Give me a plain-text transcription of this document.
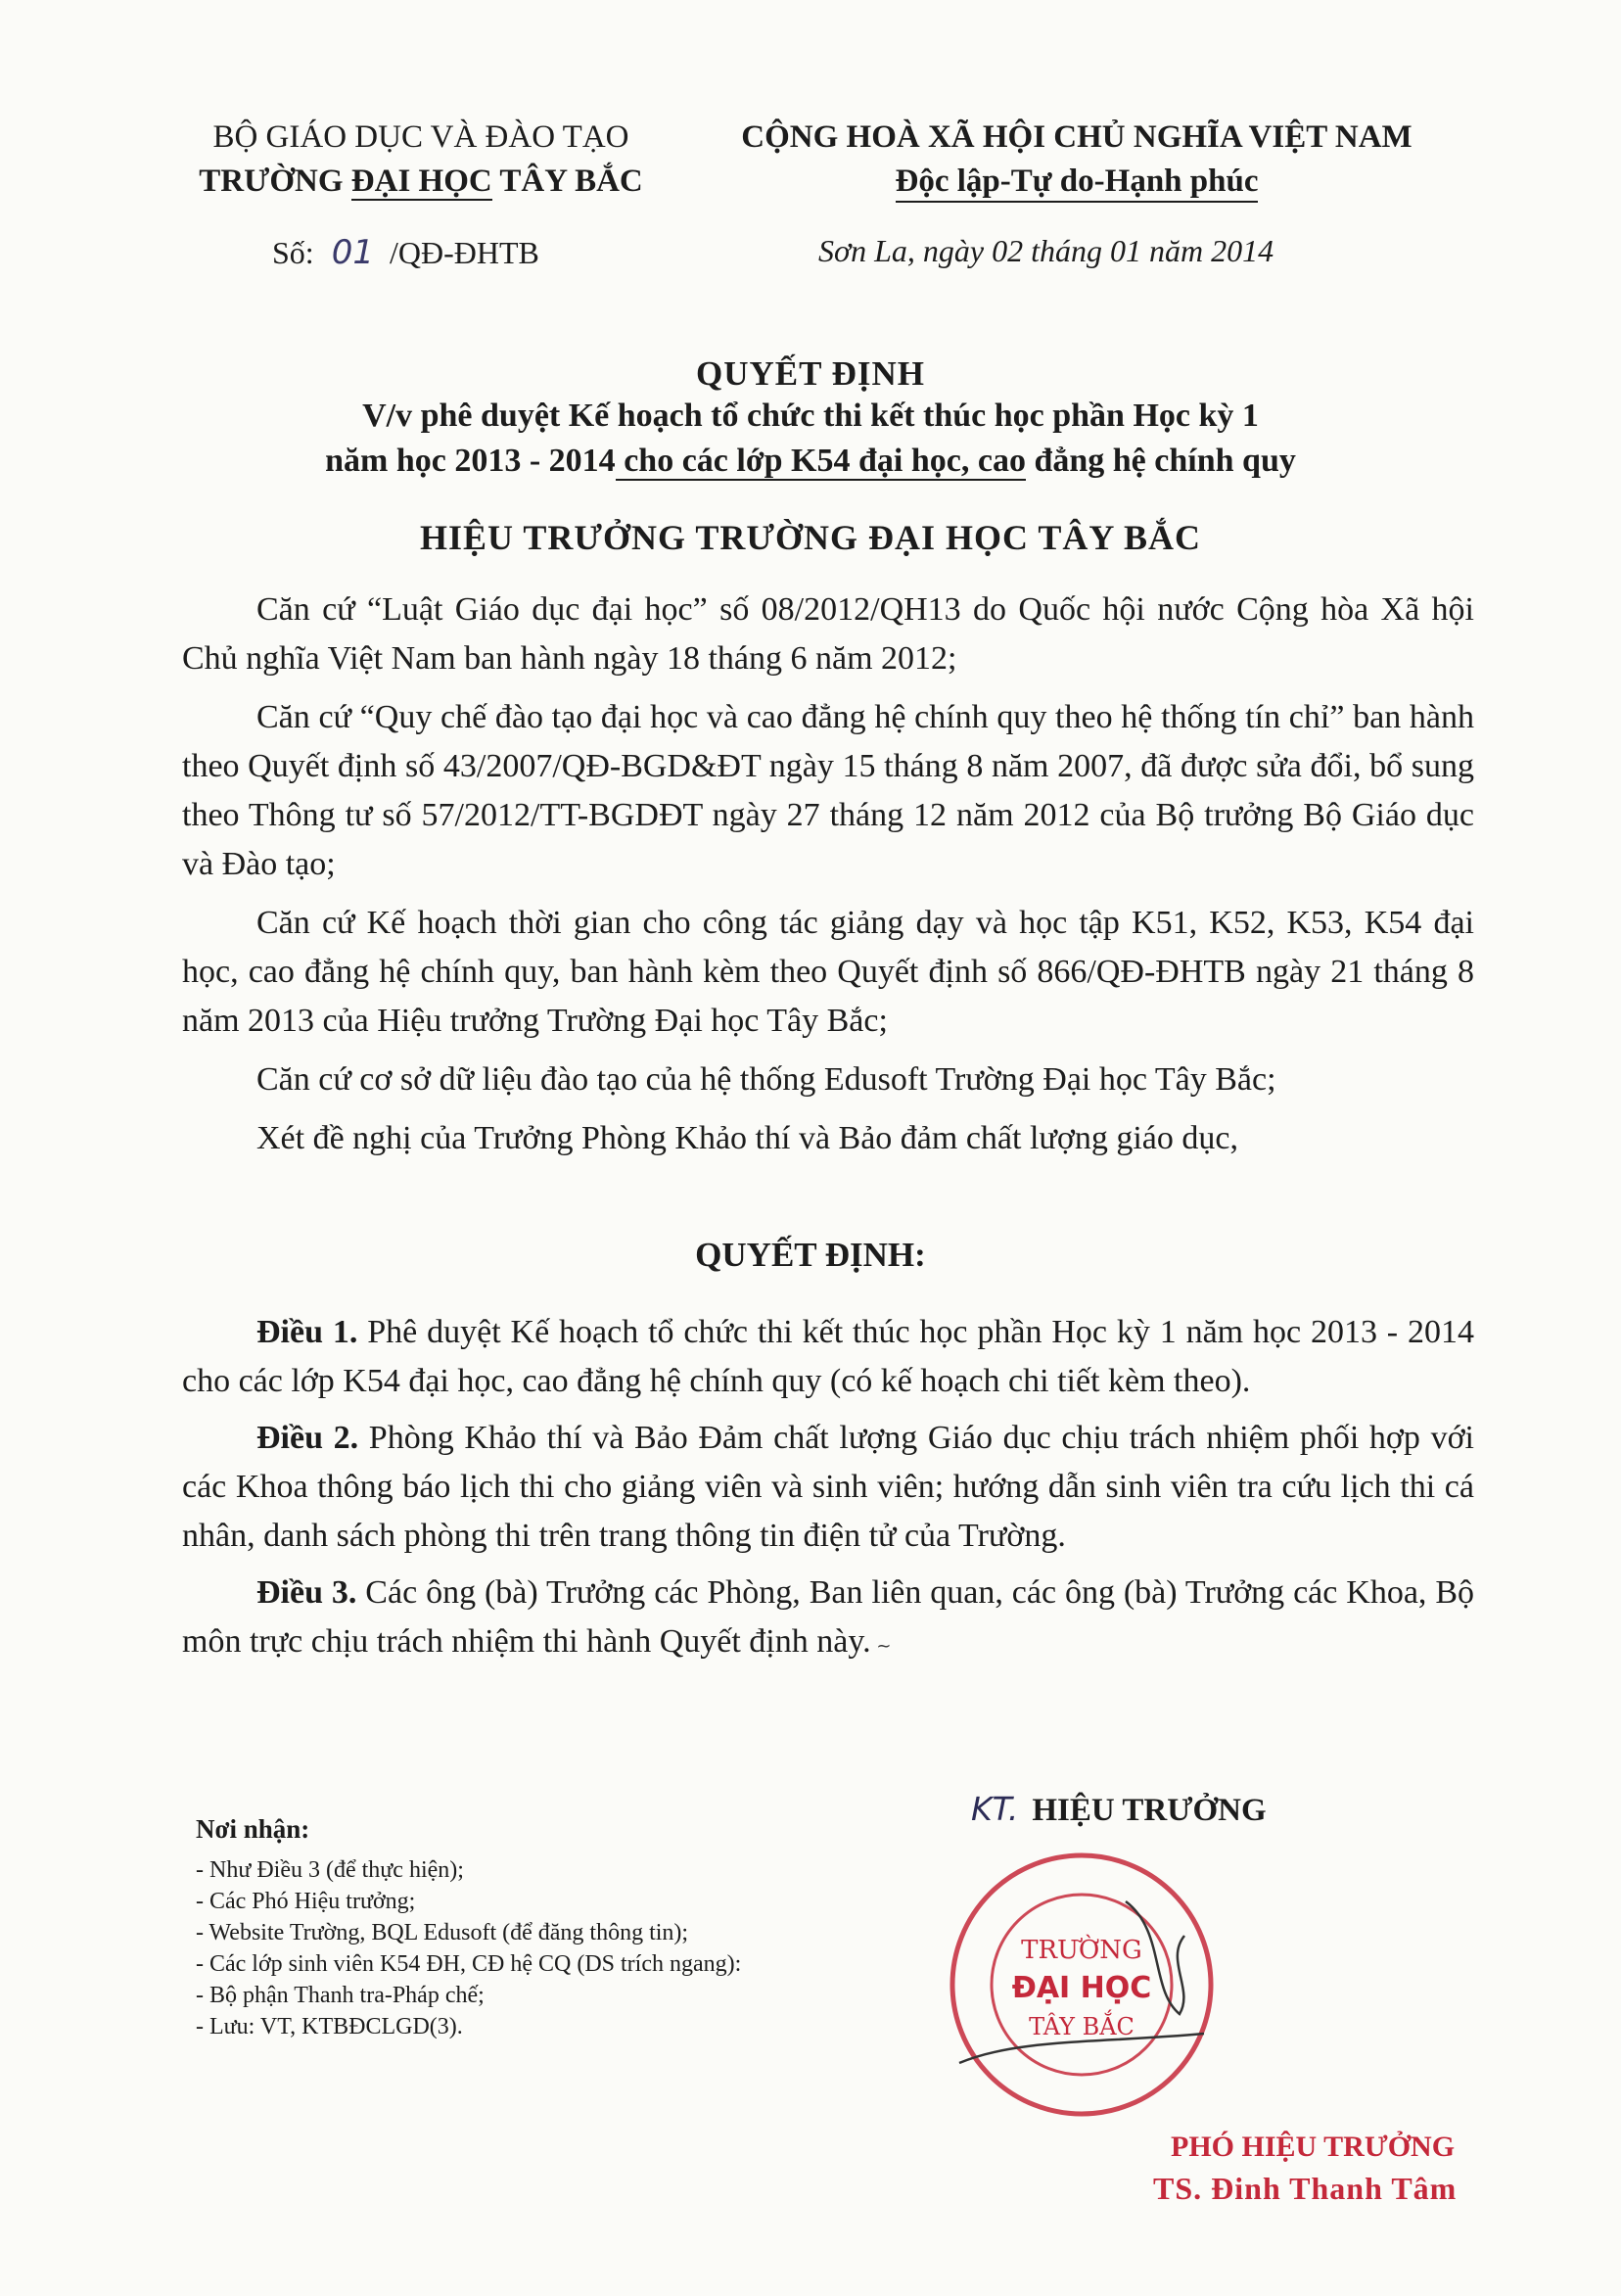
BỘ GIÁO DỤC VÀ ĐÀO TẠO
TRƯỜNG ĐẠI HỌC TÂY BẮC
CỘNG HOÀ XÃ HỘI CHỦ NGHĨA VIỆT NAM
Độc lập-Tự do-Hạnh phúc
Số: 01 /QĐ-ĐHTB	Sơn La, ngày 02 tháng 01 năm 2014
QUYẾT ĐỊNH
V/v phê duyệt Kế hoạch tổ chức thi kết thúc học phần Học kỳ 1
năm học 2013 - 2014 cho các lớp K54 đại học, cao đẳng hệ chính quy
HIỆU TRƯỞNG TRƯỜNG ĐẠI HỌC TÂY BẮC

Căn cứ “Luật Giáo dục đại học” số 08/2012/QH13 do Quốc hội nước Cộng hòa Xã hội Chủ nghĩa Việt Nam ban hành ngày 18 tháng 6 năm 2012;

Căn cứ “Quy chế đào tạo đại học và cao đẳng hệ chính quy theo hệ thống tín chỉ” ban hành theo Quyết định số 43/2007/QĐ-BGD&ĐT ngày 15 tháng 8 năm 2007, đã được sửa đổi, bổ sung theo Thông tư số 57/2012/TT-BGDĐT ngày 27 tháng 12 năm 2012 của Bộ trưởng Bộ Giáo dục và Đào tạo;

Căn cứ Kế hoạch thời gian cho công tác giảng dạy và học tập K51, K52, K53, K54 đại học, cao đẳng hệ chính quy, ban hành kèm theo Quyết định số 866/QĐ-ĐHTB ngày 21 tháng 8 năm 2013 của Hiệu trưởng Trường Đại học Tây Bắc;

Căn cứ cơ sở dữ liệu đào tạo của hệ thống Edusoft Trường Đại học Tây Bắc;

Xét đề nghị của Trưởng Phòng Khảo thí và Bảo đảm chất lượng giáo dục,

QUYẾT ĐỊNH:

Điều 1. Phê duyệt Kế hoạch tổ chức thi kết thúc học phần Học kỳ 1 năm học 2013 - 2014 cho các lớp K54 đại học, cao đẳng hệ chính quy (có kế hoạch chi tiết kèm theo).

Điều 2. Phòng Khảo thí và Bảo Đảm chất lượng Giáo dục chịu trách nhiệm phối hợp với các Khoa thông báo lịch thi cho giảng viên và sinh viên; hướng dẫn sinh viên tra cứu lịch thi cá nhân, danh sách phòng thi trên trang thông tin điện tử của Trường.

Điều 3. Các ông (bà) Trưởng các Phòng, Ban liên quan, các ông (bà) Trưởng các Khoa, Bộ môn trực chịu trách nhiệm thi hành Quyết định này. ~

Nơi nhận:
- Như Điều 3 (để thực hiện);
- Các Phó Hiệu trưởng;
- Website Trường, BQL Edusoft (để đăng thông tin);
- Các lớp sinh viên K54 ĐH, CĐ hệ CQ (DS trích ngang):
- Bộ phận Thanh tra-Pháp chế;
- Lưu: VT, KTBĐCLGD(3).
KT. HIỆU TRƯỞNG
TRƯỜNG
ĐẠI HỌC
TÂY BẮC
PHÓ HIỆU TRƯỞNG
TS. Đinh Thanh Tâm
